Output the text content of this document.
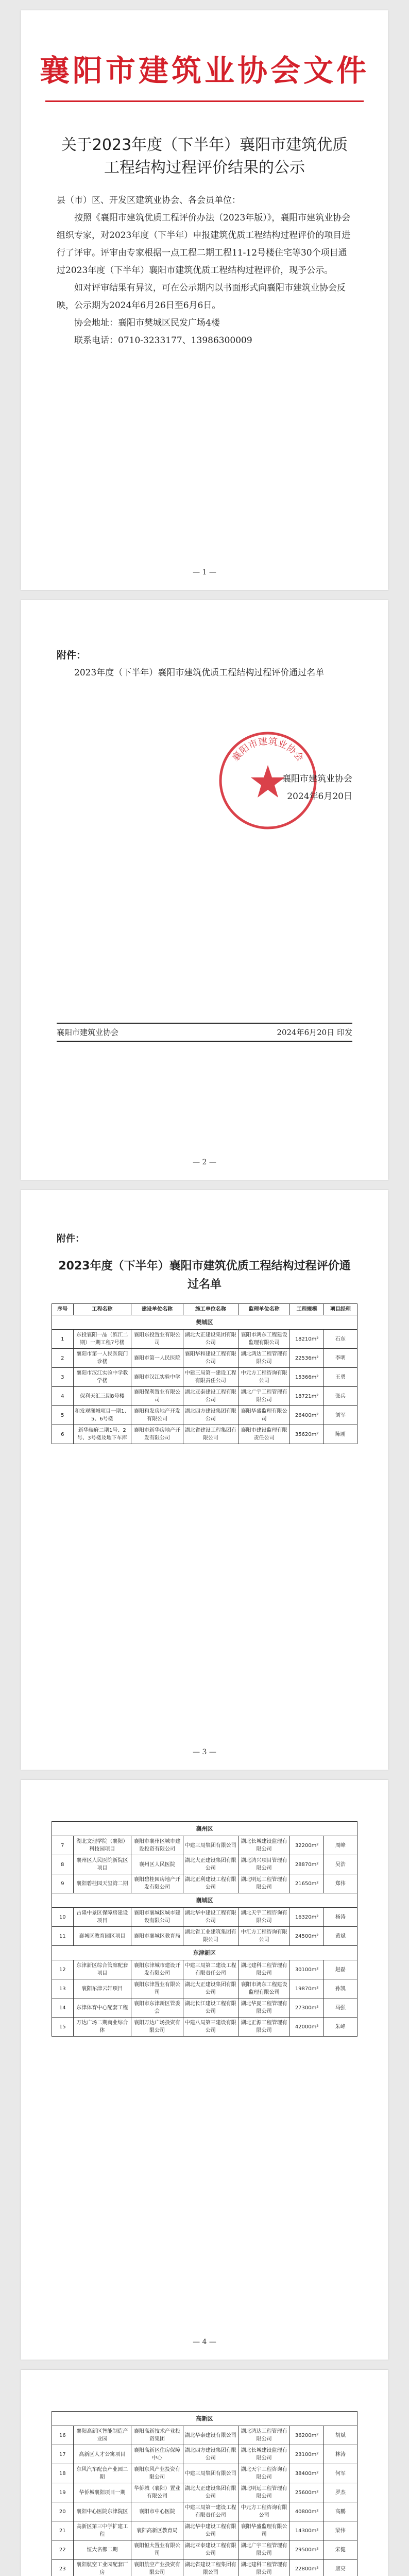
襄阳市建筑业协会文件
关于2023年度（下半年）襄阳市建筑优质工程结构过程评价结果的公示

县（市）区、开发区建筑业协会、各会员单位：

按照《襄阳市建筑优质工程评价办法（2023年版）》，襄阳市建筑业协会组织专家，对2023年度（下半年）申报建筑优质工程结构过程评价的项目进行了评审。评审由专家根据一点工程二期工程11-12号楼住宅等30个项目通过2023年度（下半年）襄阳市建筑优质工程结构过程评价，现予公示。

如对评审结果有异议，可在公示期内以书面形式向襄阳市建筑业协会反映，公示期为2024年6月26日至6月6日。

协会地址：襄阳市樊城区民发广场4楼

联系电话：0710-3233177、13986300009

— 1 —
附件：
2023年度（下半年）襄阳市建筑优质工程结构过程评价通过名单
襄阳市建筑业协会
襄阳市建筑业协会
2024年6月20日
襄阳市建筑业协会	2024年6月20日 印发
— 2 —
附件：
2023年度（下半年）襄阳市建筑优质工程结构过程评价通过名单
序号	工程名称	建设单位名称	施工单位名称	监理单位名称	工程规模	项目经理
樊城区						
1	东投襄阳一品（滨江二期）一期工程7号楼	襄阳东投置业有限公司	湖北大正建设集团有限公司	襄阳市鸿东工程建设监理有限公司	18210m²	石东
2	襄阳市第一人民医院门诊楼	襄阳市第一人民医院	襄阳华和建设工程有限公司	湖北鸿达工程管理有限公司	22536m²	李明
3	襄阳市汉江实验中学教学楼	襄阳市汉江实验中学	中建三局第一建设工程有限责任公司	中元方工程咨询有限公司	15366m²	王勇
4	保利天汇三期8号楼	襄阳保利置业有限公司	湖北亚泰建设工程有限公司	湖北广宇工程管理有限公司	18721m²	张兵
5	和发观澜城项目一期1、5、6号楼	襄阳和发房地产开发有限公司	湖北四方建设集团有限公司	襄阳华盛监理有限公司	26400m²	刘军
6	新华瑞府二期1号、2号、3号楼及地下车库	襄阳市新华房地产开发有限公司	湖北省建设工程集团有限公司	襄阳市建设监理有限责任公司	35620m²	陈刚
— 3 —
襄州区						
7	湖北文理学院（襄阳）科技园项目	襄阳市襄州区城市建设投资有限公司	中建三局集团有限公司	湖北长城建设监理有限公司	32200m²	周峰
8	襄州区人民医院新院区项目	襄州区人民医院	湖北大正建设集团有限公司	湖北鸿兴项目管理有限公司	28870m²	吴浩
9	襄阳碧桂园天玺湾二期	襄阳碧桂园房地产开发有限公司	湖北正利建设工程有限公司	湖北明远工程管理有限公司	21650m²	郑伟
襄城区						
10	古隆中景区保障房建设项目	襄阳市襄城区城市建设有限公司	湖北华中建设工程有限公司	湖北天宇工程咨询有限公司	16320m²	杨涛
11	襄城区教育园区项目	襄阳市襄城区教育局	湖北省工业建筑集团有限公司	中汇方工程咨询有限公司	24500m²	黄斌
东津新区						
12	东津新区综合管廊配套项目	襄阳东津城市建设开发有限公司	中建三局第二建设工程有限责任公司	湖北建科工程管理有限公司	30100m²	赵磊
13	襄阳东津云轩项目	襄阳东津置业有限公司	湖北大正建设集团有限公司	襄阳市鸿东工程建设监理有限公司	19870m²	孙凯
14	东津体育中心配套工程	襄阳市东津新区管委会	湖北长江建设工程有限公司	湖北华夏工程管理有限公司	27300m²	马强
15	万达广场二期商业综合体	襄阳万达广场投资有限公司	中建八局第三建设有限公司	湖北正源工程管理有限公司	42000m²	朱峰
— 4 —
高新区						
16	襄阳高新区智能制造产业园	襄阳高新技术产业投资集团	湖北华泰建设有限公司	湖北鸿达工程管理有限公司	36200m²	胡斌
17	高新区人才公寓项目	襄阳高新区住房保障中心	湖北四方建设集团有限公司	湖北长城建设监理有限公司	23100m²	林涛
18	东风汽车配套产业园二期	襄阳东风产业投资有限公司	中建三局集团有限公司	湖北天宇工程咨询有限公司	38400m²	何军
19	华侨城襄阳项目一期	华侨城（襄阳）置业有限公司	湖北大正建设集团有限公司	湖北明远工程管理有限公司	25600m²	罗杰
20	襄阳中心医院东津院区	襄阳市中心医院	中建三局第一建设工程有限责任公司	中元方工程咨询有限公司	40800m²	高鹏
21	高新区第三中学扩建工程	襄阳高新区教育局	湖北华中建设工程有限公司	襄阳华盛监理有限公司	14300m²	梁伟
22	恒大名都二期	襄阳恒大置业有限公司	湖北亚泰建设工程有限公司	湖北广宇工程管理有限公司	29500m²	宋健
23	襄阳航空工业园配套厂房	襄阳航空产业投资有限公司	湖北省建设工程集团有限公司	湖北建科工程管理有限公司	22800m²	唐亮
